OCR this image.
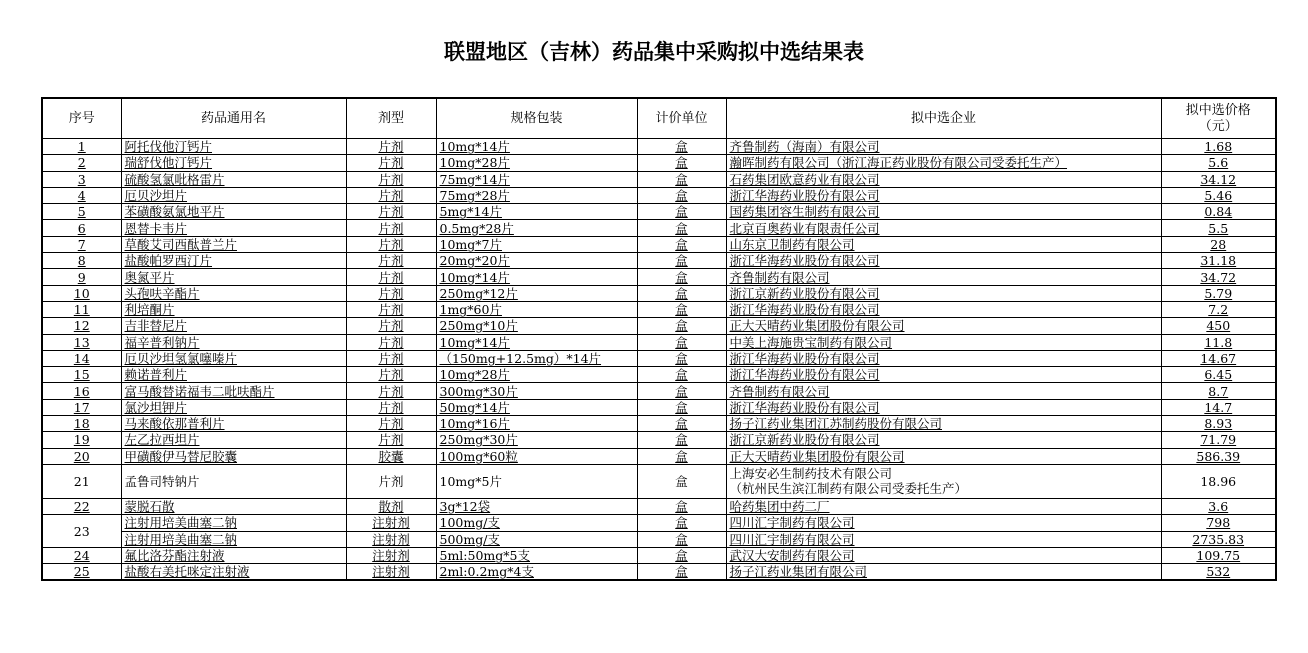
联盟地区（吉林）药品集中采购拟中选结果表
序号	药品通用名	剂型	规格包装	计价单位	拟中选企业	拟中选价格
（元）

1	阿托伐他汀钙片	片剂	10mg*14片	盒	齐鲁制药（海南）有限公司	1.68
2	瑞舒伐他汀钙片	片剂	10mg*28片	盒	瀚晖制药有限公司（浙江海正药业股份有限公司受委托生产）	5.6
3	硫酸氢氯吡格雷片	片剂	75mg*14片	盒	石药集团欧意药业有限公司	34.12
4	厄贝沙坦片	片剂	75mg*28片	盒	浙江华海药业股份有限公司	5.46
5	苯磺酸氨氯地平片	片剂	5mg*14片	盒	国药集团容生制药有限公司	0.84
6	恩替卡韦片	片剂	0.5mg*28片	盒	北京百奥药业有限责任公司	5.5
7	草酸艾司西酞普兰片	片剂	10mg*7片	盒	山东京卫制药有限公司	28
8	盐酸帕罗西汀片	片剂	20mg*20片	盒	浙江华海药业股份有限公司	31.18
9	奥氮平片	片剂	10mg*14片	盒	齐鲁制药有限公司	34.72
10	头孢呋辛酯片	片剂	250mg*12片	盒	浙江京新药业股份有限公司	5.79
11	利培酮片	片剂	1mg*60片	盒	浙江华海药业股份有限公司	7.2
12	吉非替尼片	片剂	250mg*10片	盒	正大天晴药业集团股份有限公司	450
13	福辛普利钠片	片剂	10mg*14片	盒	中美上海施贵宝制药有限公司	11.8
14	厄贝沙坦氢氯噻嗪片	片剂	（150mg+12.5mg）*14片	盒	浙江华海药业股份有限公司	14.67
15	赖诺普利片	片剂	10mg*28片	盒	浙江华海药业股份有限公司	6.45
16	富马酸替诺福韦二吡呋酯片	片剂	300mg*30片	盒	齐鲁制药有限公司	8.7
17	氯沙坦钾片	片剂	50mg*14片	盒	浙江华海药业股份有限公司	14.7
18	马来酸依那普利片	片剂	10mg*16片	盒	扬子江药业集团江苏制药股份有限公司	8.93
19	左乙拉西坦片	片剂	250mg*30片	盒	浙江京新药业股份有限公司	71.79
20	甲磺酸伊马替尼胶囊	胶囊	100mg*60粒	盒	正大天晴药业集团股份有限公司	586.39
21	孟鲁司特钠片	片剂	10mg*5片	盒	上海安必生制药技术有限公司
（杭州民生滨江制药有限公司受委托生产）	18.96
22	蒙脱石散	散剂	3g*12袋	盒	哈药集团中药二厂	3.6
23	注射用培美曲塞二钠	注射剂	100mg/支	盒	四川汇宇制药有限公司	798
	注射用培美曲塞二钠	注射剂	500mg/支	盒	四川汇宇制药有限公司	2735.83
24	氟比洛芬酯注射液	注射剂	5ml:50mg*5支	盒	武汉大安制药有限公司	109.75
25	盐酸右美托咪定注射液	注射剂	2ml:0.2mg*4支	盒	扬子江药业集团有限公司	532
